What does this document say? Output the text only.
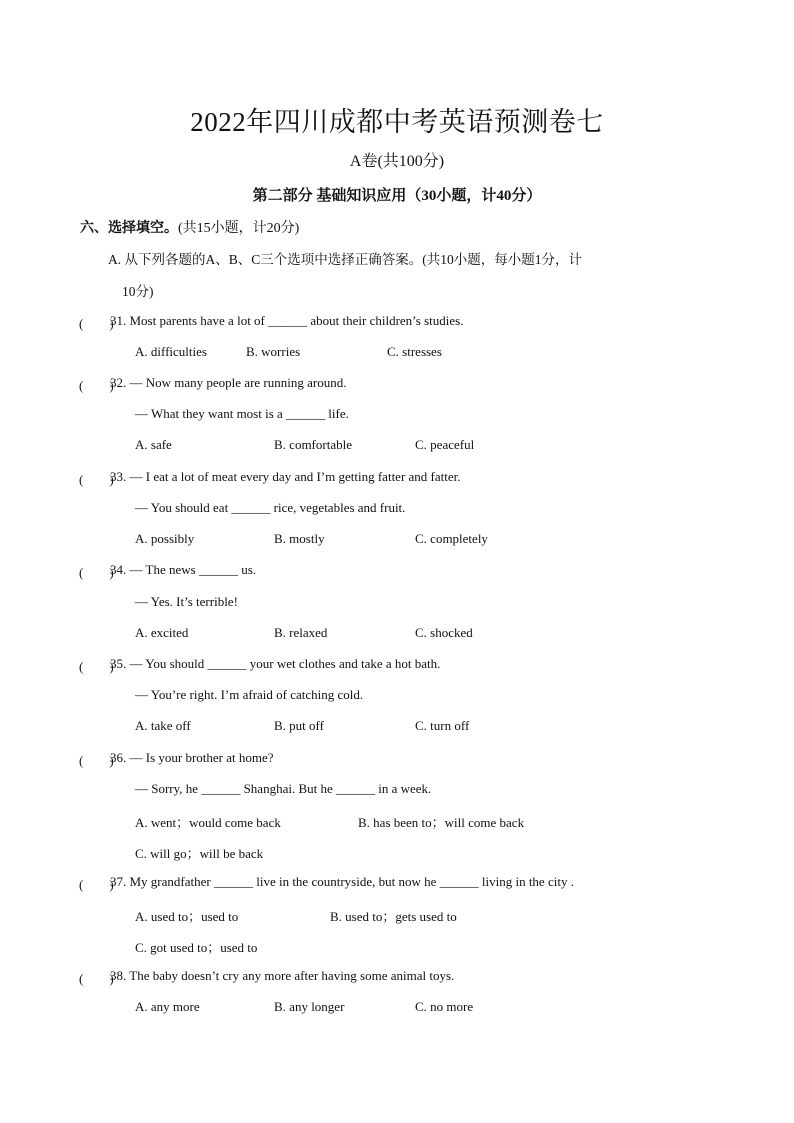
2022年四川成都中考英语预测卷七
A卷(共100分)
第二部分 基础知识应用（30小题，计40分）
六、选择填空。(共15小题，计20分)
A. 从下列各题的A、B、C三个选项中选择正确答案。(共10小题，每小题1分，计
10分)
(　　)
31. Most parents have a lot of ______ about their children’s studies.
A. difficulties	B. worries	C. stresses
(　　)
32. — Now many people are running around.
— What they want most is a ______ life.
A. safe	B. comfortable	C. peaceful
(　　)
33. — I eat a lot of meat every day and I’m getting fatter and fatter.
— You should eat ______ rice, vegetables and fruit.
A. possibly	B. mostly	C. completely
(　　)
34. — The news ______ us.
— Yes. It’s terrible!
A. excited	B. relaxed	C. shocked
(　　)
35. — You should ______ your wet clothes and take a hot bath.
— You’re right. I’m afraid of catching cold.
A. take off	B. put off	C. turn off
(　　)
36. — Is your brother at home?
— Sorry, he ______ Shanghai. But he ______ in a week.
A. went；would come back	B. has been to；will come back
C. will go；will be back
(　　)
37. My grandfather ______ live in the countryside, but now he ______ living in the city .
A. used to；used to	B. used to；gets used to
C. got used to；used to
(　　)
38. The baby doesn’t cry any more after having some animal toys.
A. any more	B. any longer	C. no more
